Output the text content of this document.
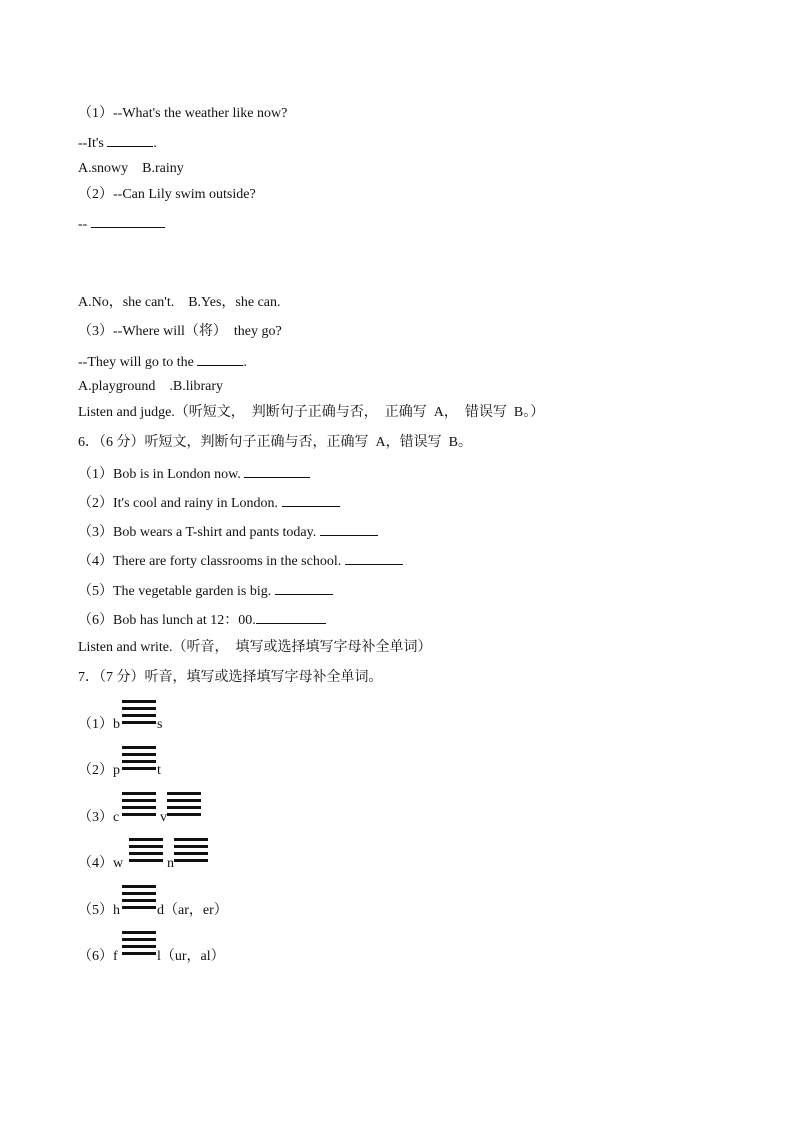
（1）--What's the weather like now?
--It's	.
A.snowy    B.rainy
（2）--Can Lily swim outside?
--
A.No，she can't.    B.Yes，she can.
（3）--Where will（将）  they go?
--They will go to the	.
A.playground    .B.library
Listen and judge.（听短文，  判断句子正确与否，  正确写  A，  错误写  B。）
6．（6 分）听短文，判断句子正确与否，正确写  A，错误写  B。
（1）Bob is in London now.
（2）It's cool and rainy in London.
（3）Bob wears a T-shirt and pants today.
（4）There are forty classrooms in the school.
（5）The vegetable garden is big.
（6）Bob has lunch at 12：00.
Listen and write.（听音，  填写或选择填写字母补全单词）
7．（7 分）听音，填写或选择填写字母补全单词。
（1）b	s
（2）p	t
（3）c	v
（4）w	n
（5）h	d（ar，er）
（6）f	l（ur，al）
